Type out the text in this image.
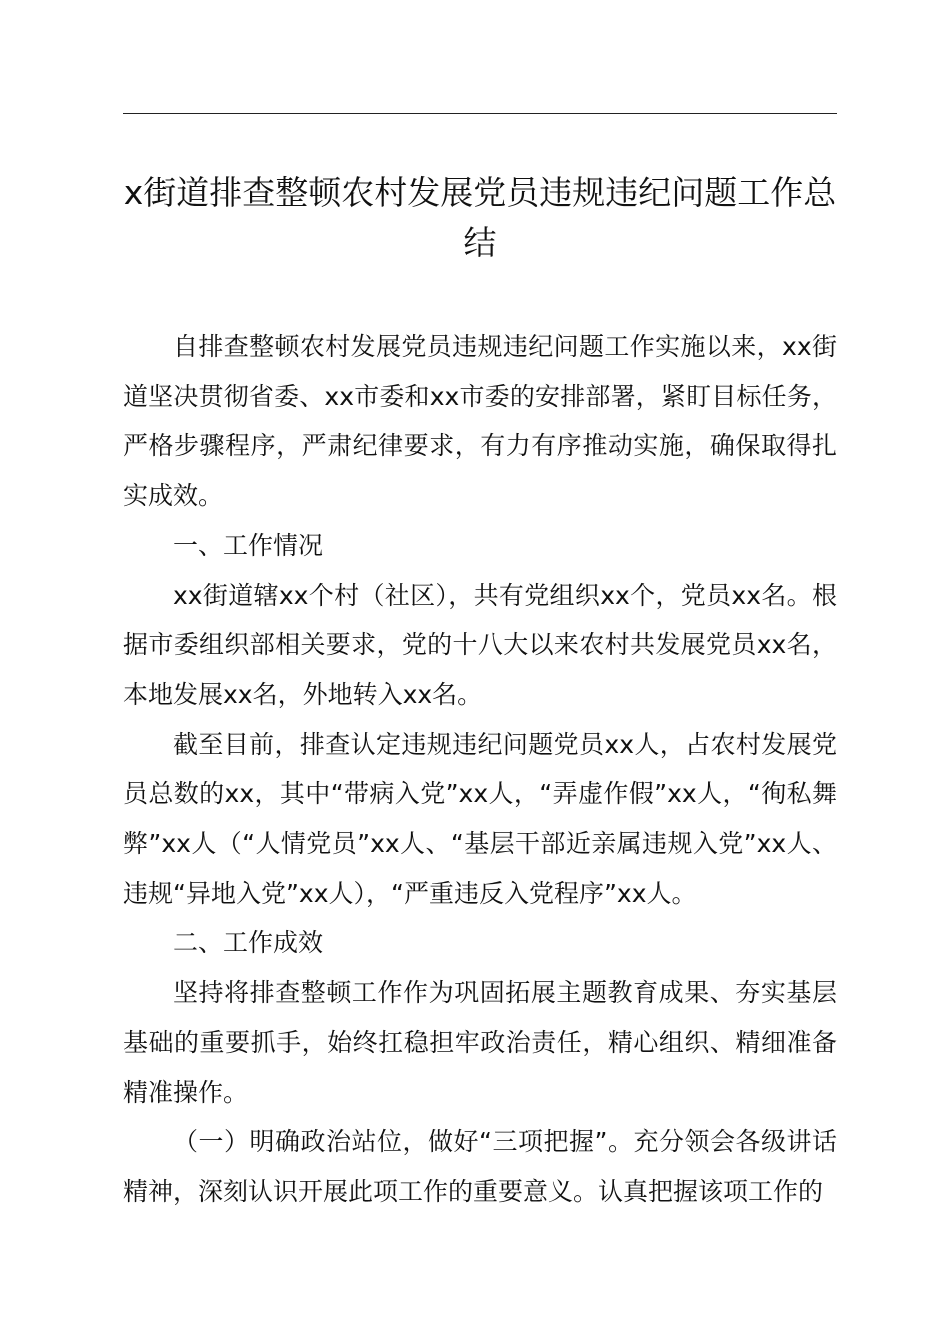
x街道排查整顿农村发展党员违规违纪问题工作总结

自排查整顿农村发展党员违规违纪问题工作实施以来，xx街道坚决贯彻省委、xx市委和xx市委的安排部署，紧盯目标任务，严格步骤程序，严肃纪律要求，有力有序推动实施，确保取得扎实成效。

一、工作情况

xx街道辖xx个村（社区），共有党组织xx个，党员xx名。根据市委组织部相关要求，党的十八大以来农村共发展党员xx名，本地发展xx名，外地转入xx名。

截至目前，排查认定违规违纪问题党员xx人，占农村发展党员总数的xx，其中“带病入党”xx人，“弄虚作假”xx人，“徇私舞弊”xx人（“人情党员”xx人、“基层干部近亲属违规入党”xx人、违规“异地入党”xx人），“严重违反入党程序”xx人。

二、工作成效

坚持将排查整顿工作作为巩固拓展主题教育成果、夯实基层基础的重要抓手，始终扛稳担牢政治责任，精心组织、精细准备精准操作。

（一）明确政治站位，做好“三项把握”。充分领会各级讲话精神，深刻认识开展此项工作的重要意义。认真把握该项工作的
